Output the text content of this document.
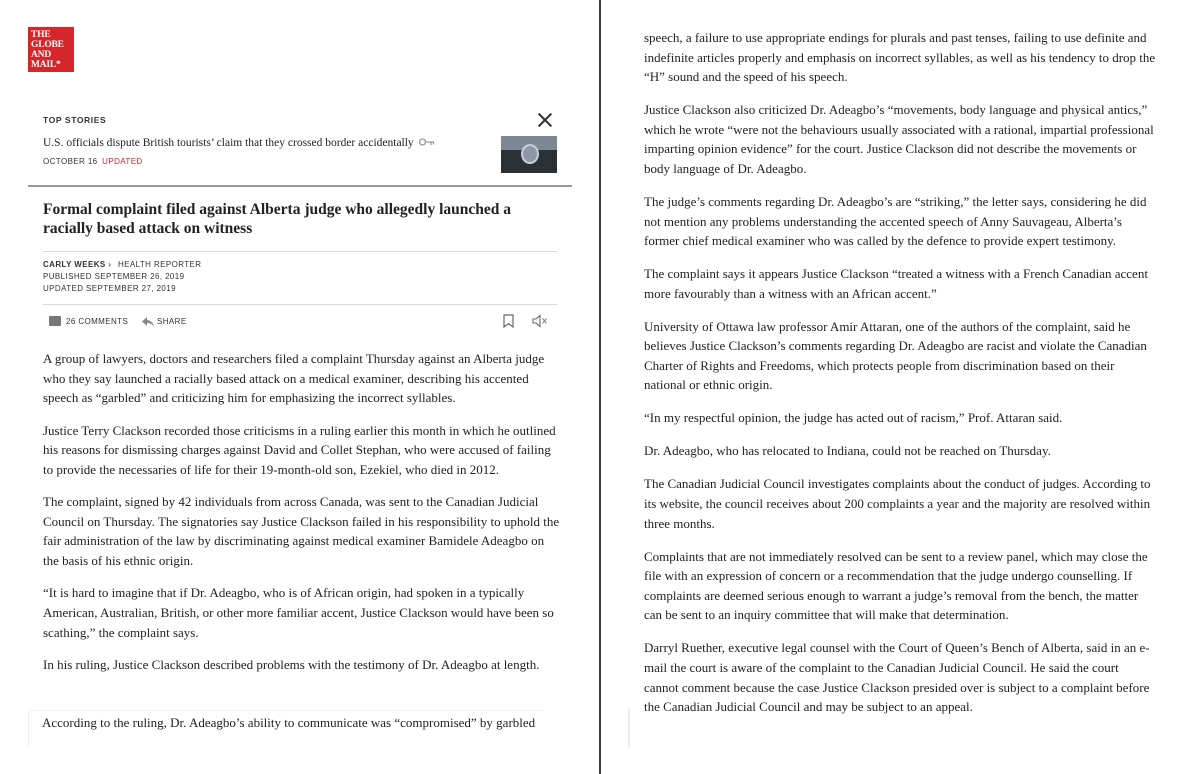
THE
GLOBE
AND
MAIL*
TOP STORIES
U.S. officials dispute British tourists’ claim that they crossed border accidentally
OCTOBER 16 UPDATED
Formal complaint filed against Alberta judge who allegedly launched a racially based attack on witness
CARLY WEEKS › HEALTH REPORTER
PUBLISHED SEPTEMBER 26, 2019
UPDATED SEPTEMBER 27, 2019
26 COMMENTS	SHARE

A group of lawyers, doctors and researchers filed a complaint Thursday against an Alberta judge who they say launched a racially based attack on a medical examiner, describing his accented speech as “garbled” and criticizing him for emphasizing the incorrect syllables.

Justice Terry Clackson recorded those criticisms in a ruling earlier this month in which he outlined his reasons for dismissing charges against David and Collet Stephan, who were accused of failing to provide the necessaries of life for their 19-month-old son, Ezekiel, who died in 2012.

The complaint, signed by 42 individuals from across Canada, was sent to the Canadian Judicial Council on Thursday. The signatories say Justice Clackson failed in his responsibility to uphold the fair administration of the law by discriminating against medical examiner Bamidele Adeagbo on the basis of his ethnic origin.

“It is hard to imagine that if Dr. Adeagbo, who is of African origin, had spoken in a typically American, Australian, British, or other more familiar accent, Justice Clackson would have been so scathing,” the complaint says.

In his ruling, Justice Clackson described problems with the testimony of Dr. Adeagbo at length.

According to the ruling, Dr. Adeagbo’s ability to communicate was “compromised” by garbled

speech, a failure to use appropriate endings for plurals and past tenses, failing to use definite and indefinite articles properly and emphasis on incorrect syllables, as well as his tendency to drop the “H” sound and the speed of his speech.

Justice Clackson also criticized Dr. Adeagbo’s “movements, body language and physical antics,” which he wrote “were not the behaviours usually associated with a rational, impartial professional imparting opinion evidence” for the court. Justice Clackson did not describe the movements or body language of Dr. Adeagbo.

The judge’s comments regarding Dr. Adeagbo’s are “striking,” the letter says, considering he did not mention any problems understanding the accented speech of Anny Sauvageau, Alberta’s former chief medical examiner who was called by the defence to provide expert testimony.

The complaint says it appears Justice Clackson “treated a witness with a French Canadian accent more favourably than a witness with an African accent.”

University of Ottawa law professor Amir Attaran, one of the authors of the complaint, said he believes Justice Clackson’s comments regarding Dr. Adeagbo are racist and violate the Canadian Charter of Rights and Freedoms, which protects people from discrimination based on their national or ethnic origin.

“In my respectful opinion, the judge has acted out of racism,” Prof. Attaran said.

Dr. Adeagbo, who has relocated to Indiana, could not be reached on Thursday.

The Canadian Judicial Council investigates complaints about the conduct of judges. According to its website, the council receives about 200 complaints a year and the majority are resolved within three months.

Complaints that are not immediately resolved can be sent to a review panel, which may close the file with an expression of concern or a recommendation that the judge undergo counselling. If complaints are deemed serious enough to warrant a judge’s removal from the bench, the matter can be sent to an inquiry committee that will make that determination.

Darryl Ruether, executive legal counsel with the Court of Queen’s Bench of Alberta, said in an e-mail the court is aware of the complaint to the Canadian Judicial Council. He said the court cannot comment because the case Justice Clackson presided over is subject to a complaint before the Canadian Judicial Council and may be subject to an appeal.
